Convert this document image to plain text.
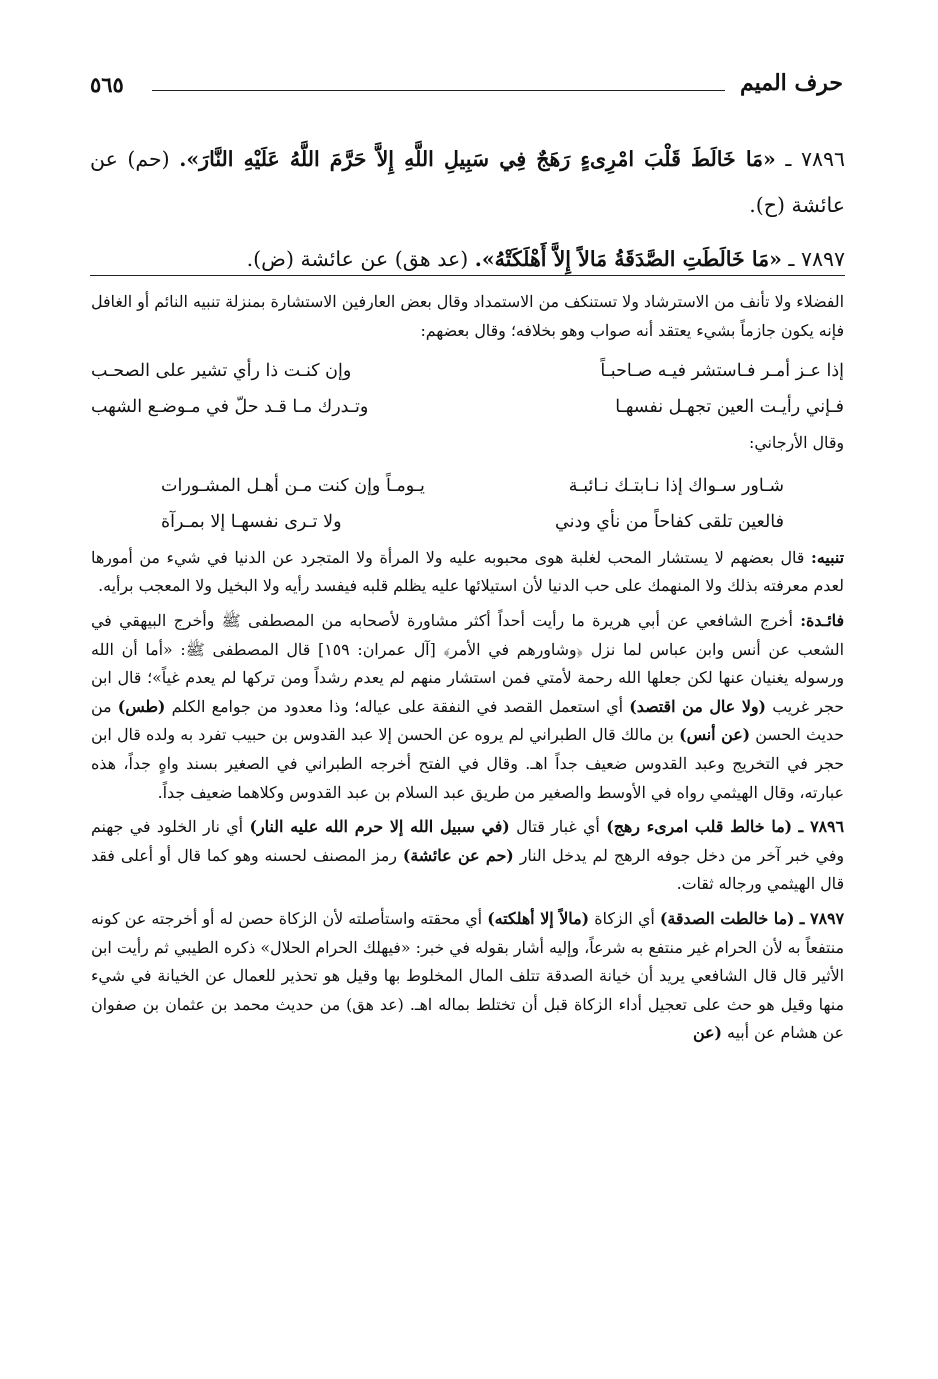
حرف الميم
٥٦٥

٧٨٩٦ ـ «مَا خَالَطَ قَلْبَ امْرِىءٍ رَهَجٌ فِي سَبِيلِ اللَّهِ إِلاَّ حَرَّمَ اللَّهُ عَلَيْهِ النَّارَ». (حم) عن عائشة (ح).

٧٨٩٧ ـ «مَا خَالَطَتِ الصَّدَقَةُ مَالاً إِلاَّ أَهْلَكَتْهُ». (عد هق) عن عائشة (ض).

الفضلاء ولا تأنف من الاسترشاد ولا تستنكف من الاستمداد وقال بعض العارفين الاستشارة بمنزلة تنبيه النائم أو الغافل فإنه يكون جازماً بشيء يعتقد أنه صواب وهو بخلافه؛ وقال بعضهم:

إذا عـز أمـر فـاستشر فيـه صـاحبـاً
وإن كنـت ذا رأي تشير على الصحـب
فـإني رأيـت العين تجهـل نفسهـا
وتـدرك مـا قـد حلّ في مـوضـع الشهب

وقال الأرجاني:

شـاور سـواك إذا نـابتـك نـائبـة
يـومـاً وإن كنت مـن أهـل المشـورات
فالعين تلقى كفاحاً من نأي ودني
ولا تـرى نفسهـا إلا بمـرآة

تنبيه: قال بعضهم لا يستشار المحب لغلبة هوى محبوبه عليه ولا المرأة ولا المتجرد عن الدنيا في شيء من أمورها لعدم معرفته بذلك ولا المنهمك على حب الدنيا لأن استيلائها عليه يظلم قلبه فيفسد رأيه ولا البخيل ولا المعجب برأيه.

فائـدة: أخرج الشافعي عن أبي هريرة ما رأيت أحداً أكثر مشاورة لأصحابه من المصطفى ﷺ وأخرج البيهقي في الشعب عن أنس وابن عباس لما نزل ﴿وشاورهم في الأمر﴾ [آل عمران: ١٥٩] قال المصطفى ﷺ: «أما أن الله ورسوله يغنيان عنها لكن جعلها الله رحمة لأمتي فمن استشار منهم لم يعدم رشداً ومن تركها لم يعدم غياً»؛ قال ابن حجر غريب (ولا عال من اقتصد) أي استعمل القصد في النفقة على عياله؛ وذا معدود من جوامع الكلم (طس) من حديث الحسن (عن أنس) بن مالك قال الطبراني لم يروه عن الحسن إلا عبد القدوس بن حبيب تفرد به ولده قال ابن حجر في التخريج وعبد القدوس ضعيف جداً اهـ. وقال في الفتح أخرجه الطبراني في الصغير بسند واهٍ جداً، هذه عبارته، وقال الهيثمي رواه في الأوسط والصغير من طريق عبد السلام بن عبد القدوس وكلاهما ضعيف جداً.

٧٨٩٦ ـ (ما خالط قلب امرىء رهج) أي غبار قتال (في سبيل الله إلا حرم الله عليه النار) أي نار الخلود في جهنم وفي خبر آخر من دخل جوفه الرهج لم يدخل النار (حم عن عائشة) رمز المصنف لحسنه وهو كما قال أو أعلى فقد قال الهيثمي ورجاله ثقات.

٧٨٩٧ ـ (ما خالطت الصدقة) أي الزكاة (مالاً إلا أهلكته) أي محقته واستأصلته لأن الزكاة حصن له أو أخرجته عن كونه منتفعاً به لأن الحرام غير منتفع به شرعاً، وإليه أشار بقوله في خبر: «فيهلك الحرام الحلال» ذكره الطيبي ثم رأيت ابن الأثير قال قال الشافعي يريد أن خيانة الصدقة تتلف المال المخلوط بها وقيل هو تحذير للعمال عن الخيانة في شيء منها وقيل هو حث على تعجيل أداء الزكاة قبل أن تختلط بماله اهـ. (عد هق) من حديث محمد بن عثمان بن صفوان عن هشام عن أبيه (عن
